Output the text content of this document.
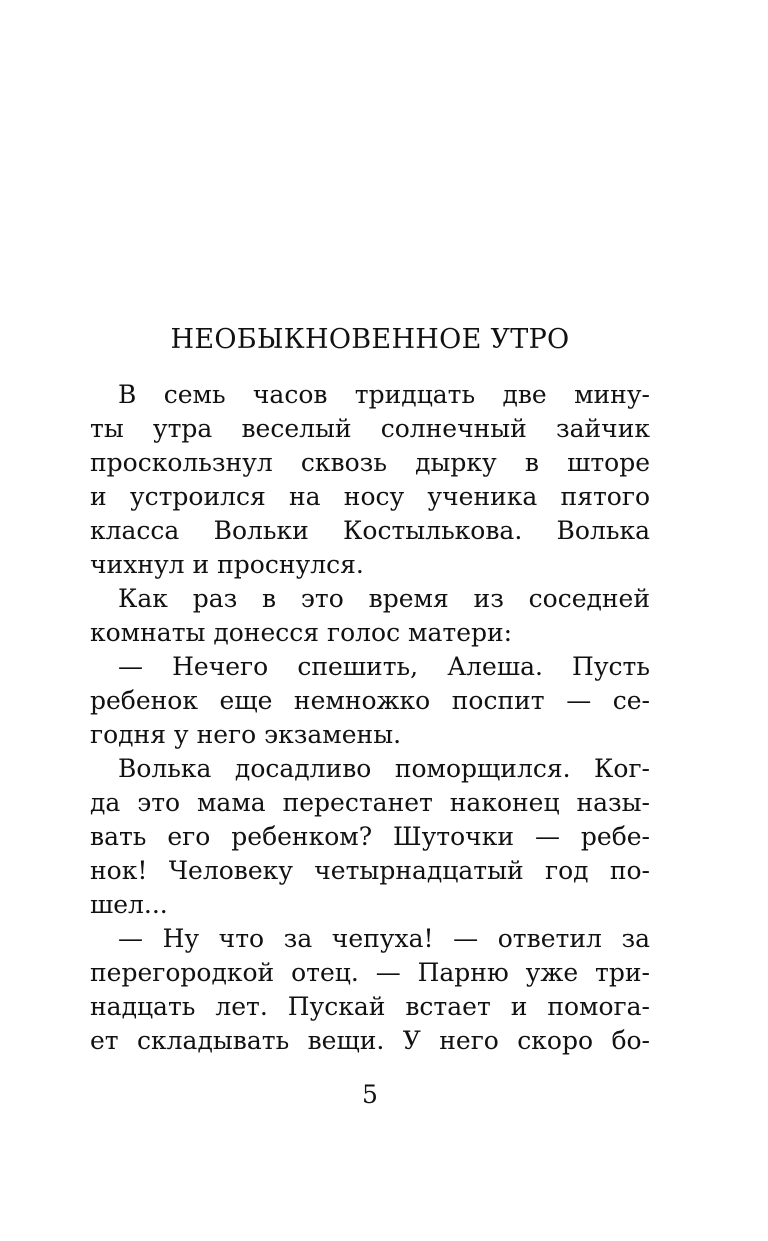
НЕОБЫКНОВЕННОЕ УТРО
В семь часов тридцать две мину-
ты утра веселый солнечный зайчик
проскользнул сквозь дырку в шторе
и устроился на носу ученика пятого
класса Вольки Костылькова. Волька
чихнул и проснулся.
Как раз в это время из соседней
комнаты донесся голос матери:
— Нечего спешить, Алеша. Пусть
ребенок еще немножко поспит — се-
годня у него экзамены.
Волька досадливо поморщился. Ког-
да это мама перестанет наконец назы-
вать его ребенком? Шуточки — ребе-
нок! Человеку четырнадцатый год по-
шел...
— Ну что за чепуха! — ответил за
перегородкой отец. — Парню уже три-
надцать лет. Пускай встает и помога-
ет складывать вещи. У него скоро бо-
5
